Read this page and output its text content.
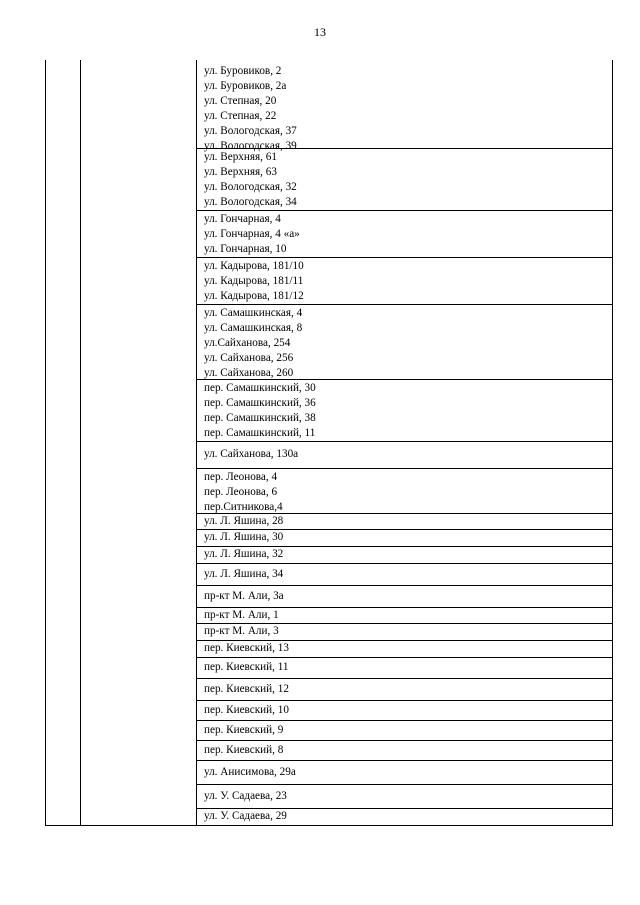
13
ул. Буровиков, 2
ул. Буровиков, 2а
ул. Степная, 20
ул. Степная, 22
ул. Вологодская, 37
ул. Вологодская, 39
ул. Верхняя, 61
ул. Верхняя, 63
ул. Вологодская, 32
ул. Вологодская, 34
ул. Гончарная, 4
ул. Гончарная, 4 «а»
ул. Гончарная, 10
ул. Кадырова, 181/10
ул. Кадырова, 181/11
ул. Кадырова, 181/12
ул. Самашкинская, 4
ул. Самашкинская, 8
ул.Сайханова, 254
ул. Сайханова, 256
ул. Сайханова, 260
пер. Самашкинский, 30
пер. Самашкинский, 36
пер. Самашкинский, 38
пер. Самашкинский, 11
ул. Сайханова, 130а
пер. Леонова, 4
пер. Леонова, 6
пер.Ситникова,4
ул. Л. Яшина, 28
ул. Л. Яшина, 30
ул. Л. Яшина, 32
ул. Л. Яшина, 34
пр-кт М. Али, 3а
пр-кт М. Али, 1
пр-кт М. Али, 3
пер. Киевский, 13
пер. Киевский, 11
пер. Киевский, 12
пер. Киевский, 10
пер. Киевский, 9
пер. Киевский, 8
ул. Анисимова, 29а
ул. У. Садаева, 23
ул. У. Садаева, 29
